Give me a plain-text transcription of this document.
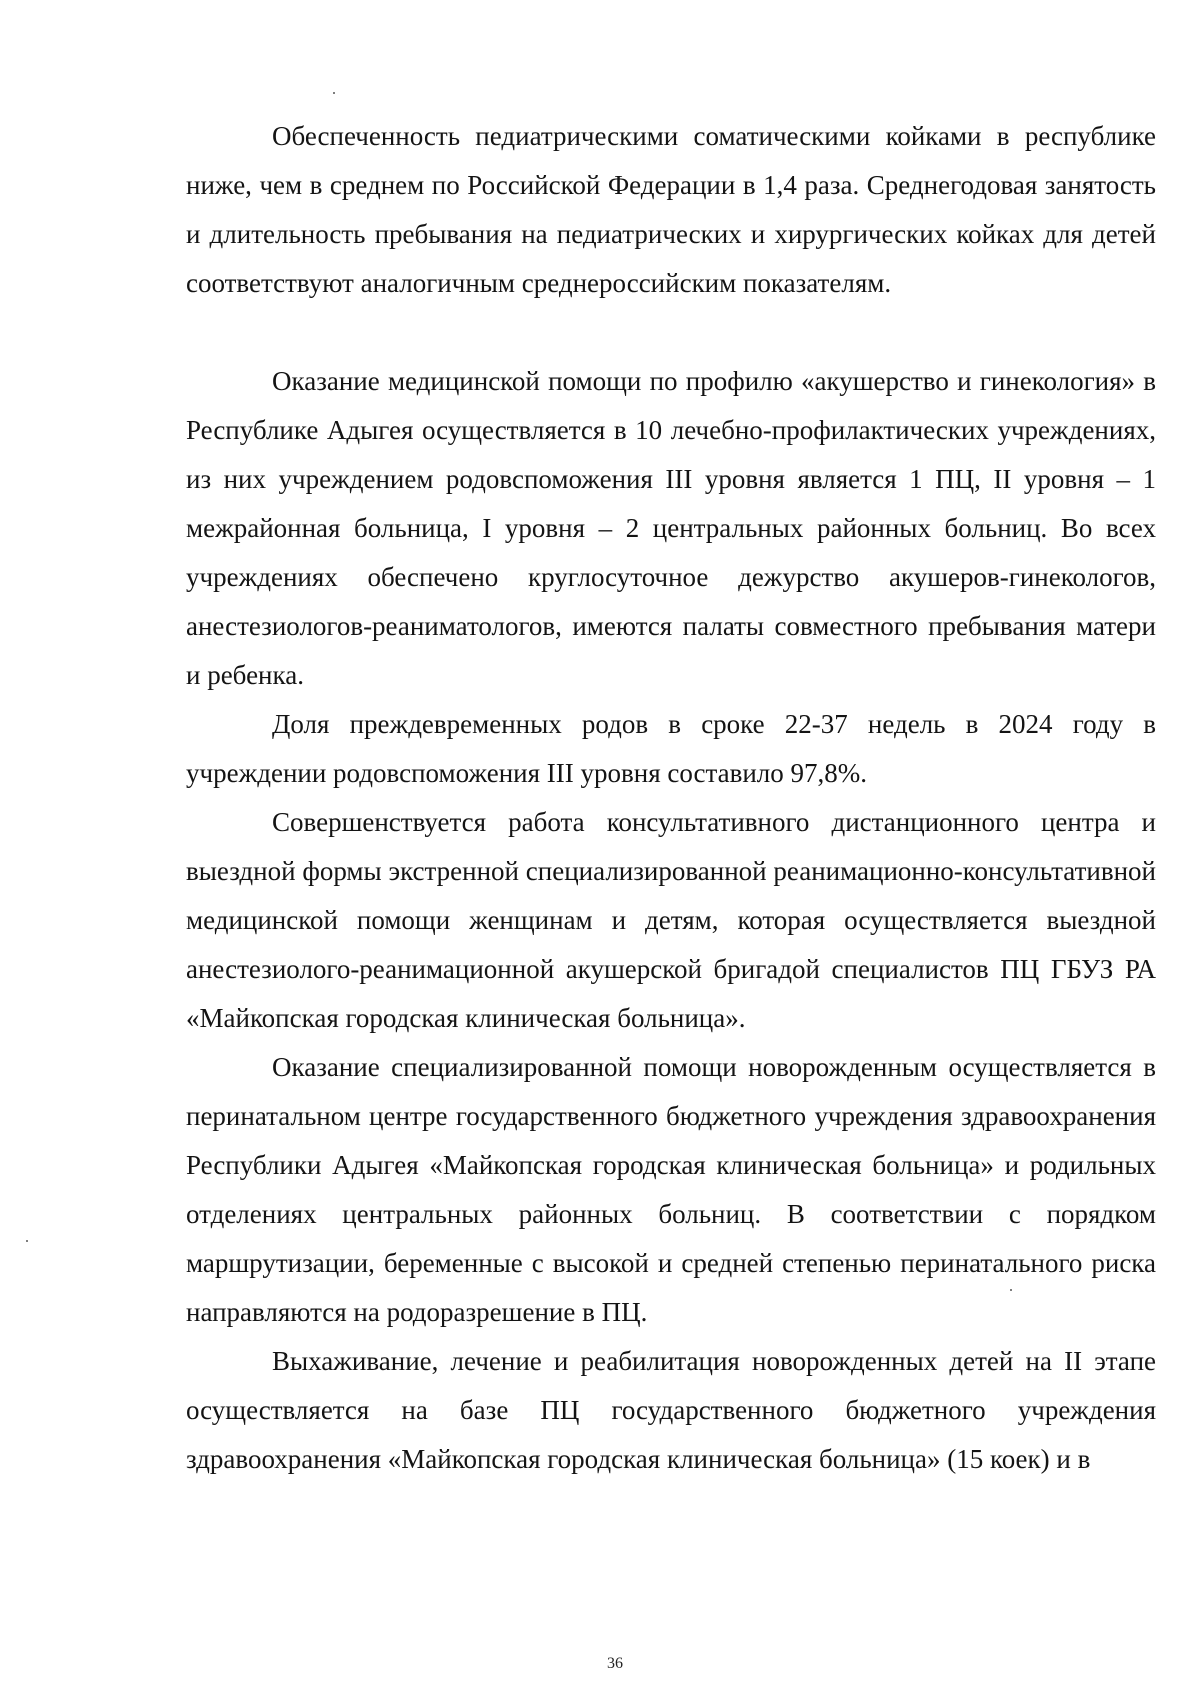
Обеспеченность педиатрическими соматическими койками в республике ниже, чем в среднем по Российской Федерации в 1,4 раза. Среднегодовая занятость и длительность пребывания на педиатрических и хирургических койках для детей соответствуют аналогичным среднероссийским показателям.

Оказание медицинской помощи по профилю «акушерство и гинекология» в Республике Адыгея осуществляется в 10 лечебно-профилактических учреждениях, из них учреждением родовспоможения III уровня является 1 ПЦ, II уровня – 1 межрайонная больница, I уровня – 2 центральных районных больниц. Во всех учреждениях обеспечено круглосуточное дежурство акушеров-гинекологов, анестезиологов-реаниматологов, имеются палаты совместного пребывания матери и ребенка.

Доля преждевременных родов в сроке 22-37 недель в 2024 году в учреждении родовспоможения III уровня составило 97,8%.

Совершенствуется работа консультативного дистанционного центра и выездной формы экстренной специализированной реанимационно-консультативной медицинской помощи женщинам и детям, которая осуществляется выездной анестезиолого-реанимационной акушерской бригадой специалистов ПЦ ГБУЗ РА «Майкопская городская клиническая больница».

Оказание специализированной помощи новорожденным осуществляется в перинатальном центре государственного бюджетного учреждения здравоохранения Республики Адыгея «Майкопская городская клиническая больница» и родильных отделениях центральных районных больниц. В соответствии с порядком маршрутизации, беременные с высокой и средней степенью перинатального риска направляются на родоразрешение в ПЦ.

Выхаживание, лечение и реабилитация новорожденных детей на II этапе осуществляется на базе ПЦ государственного бюджетного учреждения здравоохранения «Майкопская городская клиническая больница» (15 коек) и в

36
